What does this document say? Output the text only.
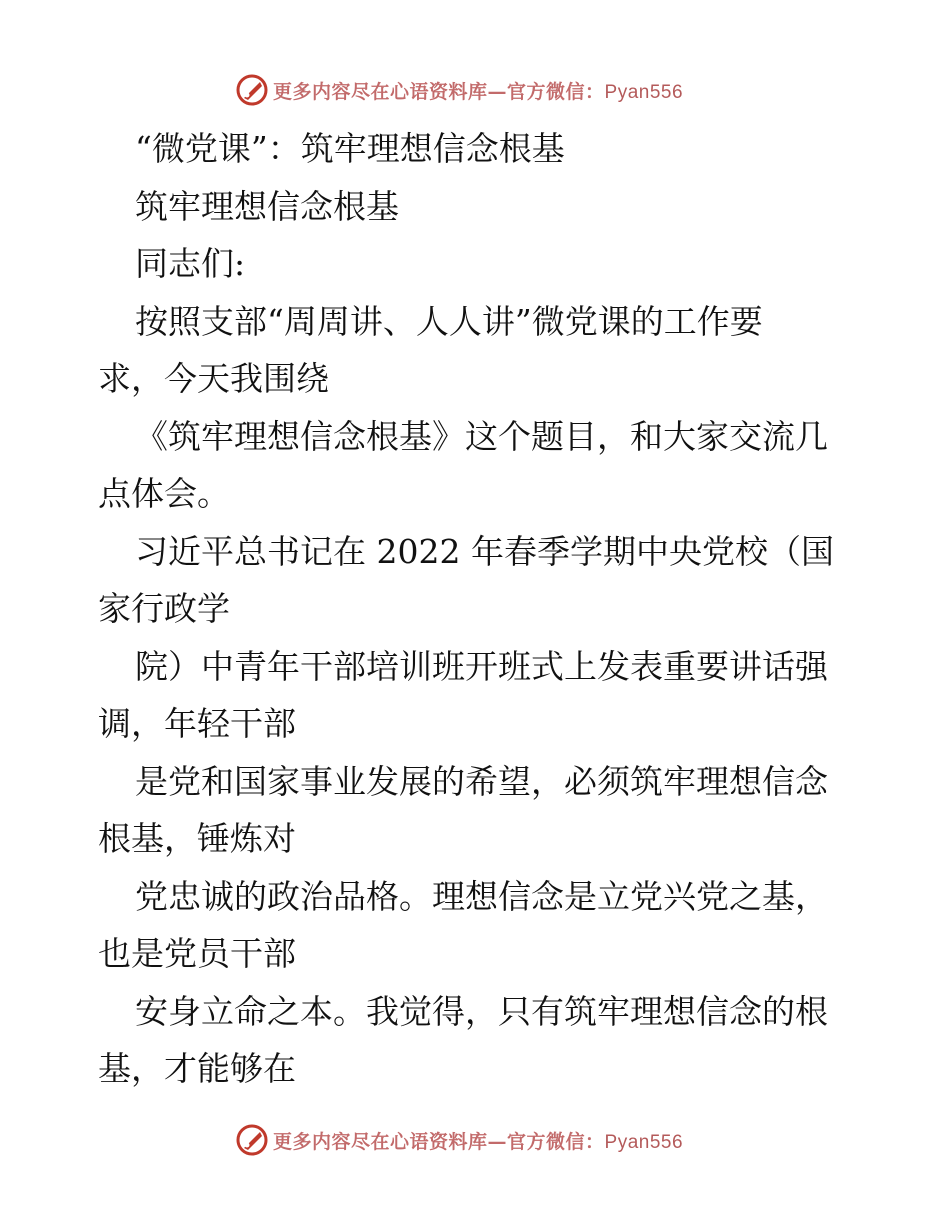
更多内容尽在心语资料库—官方微信：Pyan556
“微党课”：筑牢理想信念根基
筑牢理想信念根基
同志们:
按照支部“周周讲、人人讲”微党课的工作要
求，今天我围绕
《筑牢理想信念根基》这个题目，和大家交流几
点体会。
习近平总书记在 2022 年春季学期中央党校（国
家行政学
院）中青年干部培训班开班式上发表重要讲话强
调，年轻干部
是党和国家事业发展的希望，必须筑牢理想信念
根基，锤炼对
党忠诚的政治品格。理想信念是立党兴党之基，
也是党员干部
安身立命之本。我觉得，只有筑牢理想信念的根
基，才能够在
更多内容尽在心语资料库—官方微信：Pyan556
